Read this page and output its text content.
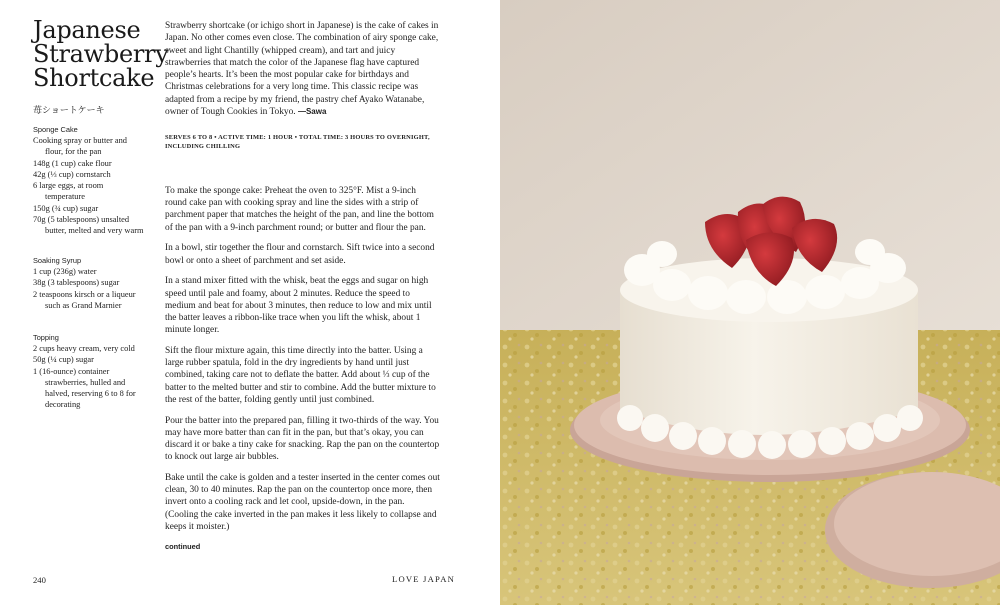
Japanese
Strawberry
Shortcake
苺ショートケーキ
Sponge Cake
Cooking spray or butter and flour, for the pan
148g (1 cup) cake flour
42g (⅓ cup) cornstarch
6 large eggs, at room temperature
150g (¾ cup) sugar
70g (5 tablespoons) unsalted butter, melted and very warm
Soaking Syrup
1 cup (236g) water
38g (3 tablespoons) sugar
2 teaspoons kirsch or a liqueur such as Grand Marnier
Topping
2 cups heavy cream, very cold
50g (¼ cup) sugar
1 (16-ounce) container strawberries, hulled and halved, reserving 6 to 8 for decorating

Strawberry shortcake (or ichigo short in Japanese) is the cake of cakes in Japan. No other comes even close. The combination of airy sponge cake, sweet and light Chantilly (whipped cream), and tart and juicy strawberries that match the color of the Japanese flag have captured people’s hearts. It’s been the most popular cake for birthdays and Christmas celebrations for a very long time. This classic recipe was adapted from a recipe by my friend, the pastry chef Ayako Watanabe, owner of Tough Cookies in Tokyo. —Sawa

SERVES 6 TO 8 • ACTIVE TIME: 1 HOUR • TOTAL TIME: 3 HOURS TO OVERNIGHT, INCLUDING CHILLING

To make the sponge cake: Preheat the oven to 325°F. Mist a 9-inch round cake pan with cooking spray and line the sides with a strip of parchment paper that matches the height of the pan, and line the bottom of the pan with a 9-inch parchment round; or butter and flour the pan.

In a bowl, stir together the flour and cornstarch. Sift twice into a second bowl or onto a sheet of parchment and set aside.

In a stand mixer fitted with the whisk, beat the eggs and sugar on high speed until pale and foamy, about 2 minutes. Reduce the speed to medium and beat for about 3 minutes, then reduce to low and mix until the batter leaves a ribbon-like trace when you lift the whisk, about 1 minute longer.

Sift the flour mixture again, this time directly into the batter. Using a large rubber spatula, fold in the dry ingredients by hand until just combined, taking care not to deflate the batter. Add about ⅓ cup of the batter to the melted butter and stir to combine. Add the butter mixture to the rest of the batter, folding gently until just combined.

Pour the batter into the prepared pan, filling it two-thirds of the way. You may have more batter than can fit in the pan, but that’s okay, you can discard it or bake a tiny cake for snacking. Rap the pan on the countertop to knock out large air bubbles.

Bake until the cake is golden and a tester inserted in the center comes out clean, 30 to 40 minutes. Rap the pan on the countertop once more, then invert onto a cooling rack and let cool, upside-down, in the pan. (Cooling the cake inverted in the pan makes it less likely to collapse and keeps it moister.)

continued
240	LOVE JAPAN
